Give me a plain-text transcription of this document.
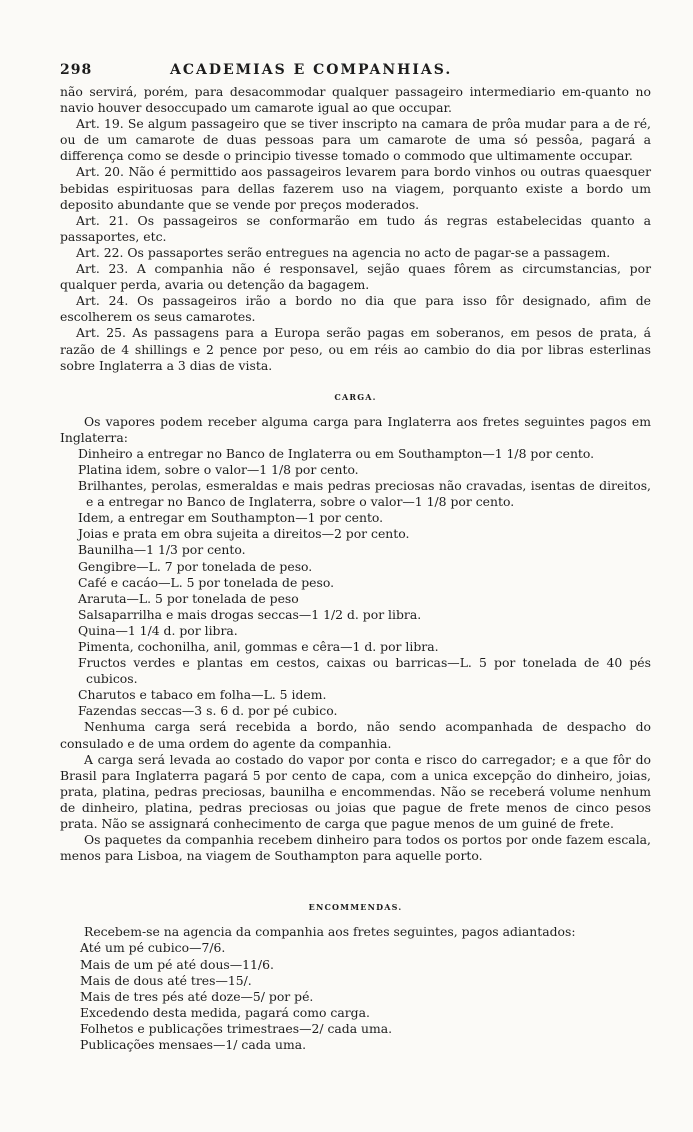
298	ACADEMIAS E COMPANHIAS.

não servirá, porém, para desacommodar qualquer passageiro intermediario em-quanto no navio houver desoccupado um camarote igual ao que occupar.

Art. 19. Se algum passageiro que se tiver inscripto na camara de prôa mudar para a de ré, ou de um camarote de duas pessoas para um camarote de uma só pessôa, pagará a differença como se desde o principio tivesse tomado o commodo que ultimamente occupar.

Art. 20. Não é permittido aos passageiros levarem para bordo vinhos ou outras quaesquer bebidas espirituosas para dellas fazerem uso na viagem, porquanto existe a bordo um deposito abundante que se vende por preços moderados.

Art. 21. Os passageiros se conformarão em tudo ás regras estabelecidas quanto a passaportes, etc.

Art. 22. Os passaportes serão entregues na agencia no acto de pagar-se a passagem.

Art. 23. A companhia não é responsavel, sejão quaes fôrem as circumstancias, por qualquer perda, avaria ou detenção da bagagem.

Art. 24. Os passageiros irão a bordo no dia que para isso fôr designado, afim de escolherem os seus camarotes.

Art. 25. As passagens para a Europa serão pagas em soberanos, em pesos de prata, á razão de 4 shillings e 2 pence por peso, ou em réis ao cambio do dia por libras esterlinas sobre Inglaterra a 3 dias de vista.

CARGA.

Os vapores podem receber alguma carga para Inglaterra aos fretes seguintes pagos em Inglaterra:

Dinheiro a entregar no Banco de Inglaterra ou em Southampton—1 1/8 por cento.

Platina idem, sobre o valor—1 1/8 por cento.

Brilhantes, perolas, esmeraldas e mais pedras preciosas não cravadas, isentas de direitos, e a entregar no Banco de Inglaterra, sobre o valor—1 1/8 por cento.

Idem, a entregar em Southampton—1 por cento.

Joias e prata em obra sujeita a direitos—2 por cento.

Baunilha—1 1/3 por cento.

Gengibre—L. 7 por tonelada de peso.

Café e cacáo—L. 5 por tonelada de peso.

Araruta—L. 5 por tonelada de peso

Salsaparrilha e mais drogas seccas—1 1/2 d. por libra.

Quina—1 1/4 d. por libra.

Pimenta, cochonilha, anil, gommas e cêra—1 d. por libra.

Fructos verdes e plantas em cestos, caixas ou barricas—L. 5 por tonelada de 40 pés cubicos.

Charutos e tabaco em folha—L. 5 idem.

Fazendas seccas—3 s. 6 d. por pé cubico.

Nenhuma carga será recebida a bordo, não sendo acompanhada de despacho do consulado e de uma ordem do agente da companhia.

A carga será levada ao costado do vapor por conta e risco do carregador; e a que fôr do Brasil para Inglaterra pagará 5 por cento de capa, com a unica excepção do dinheiro, joias, prata, platina, pedras preciosas, baunilha e encommendas. Não se receberá volume nenhum de dinheiro, platina, pedras preciosas ou joias que pague de frete menos de cinco pesos prata. Não se assignará conhecimento de carga que pague menos de um guiné de frete.

Os paquetes da companhia recebem dinheiro para todos os portos por onde fazem escala, menos para Lisboa, na viagem de Southampton para aquelle porto.

ENCOMMENDAS.

Recebem-se na agencia da companhia aos fretes seguintes, pagos adiantados:

Até um pé cubico—7/6.

Mais de um pé até dous—11/6.

Mais de dous até tres—15/.

Mais de tres pés até doze—5/ por pé.

Excedendo desta medida, pagará como carga.

Folhetos e publicações trimestraes—2/ cada uma.

Publicações mensaes—1/ cada uma.
